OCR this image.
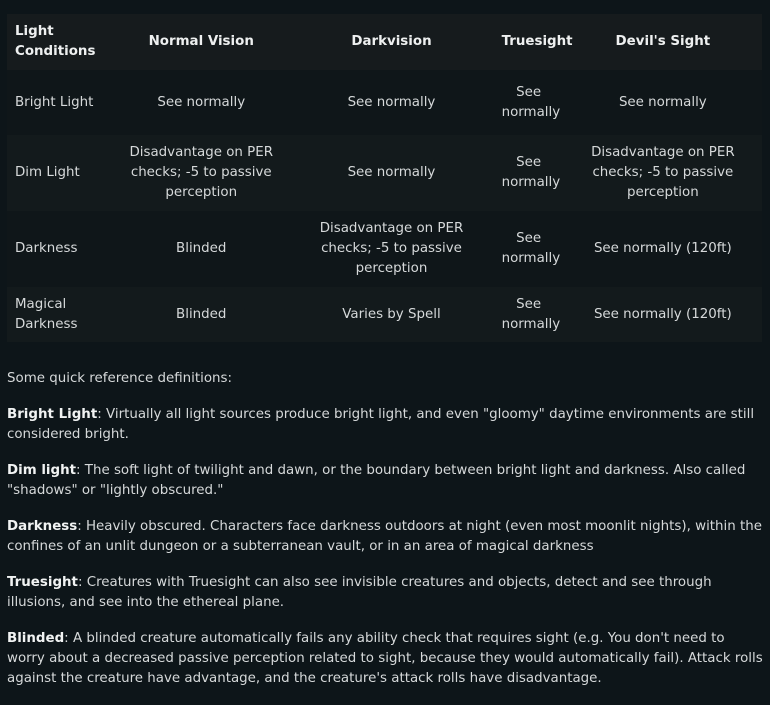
Light Conditions	Normal Vision	Darkvision	Truesight	Devil's Sight
Bright Light	See normally	See normally	See normally	See normally
Dim Light	Disadvantage on PER checks; -5 to passive perception	See normally	See normally	Disadvantage on PER checks; -5 to passive perception
Darkness	Blinded	Disadvantage on PER checks; -5 to passive perception	See normally	See normally (120ft)
Magical Darkness	Blinded	Varies by Spell	See normally	See normally (120ft)

Some quick reference definitions:

Bright Light: Virtually all light sources produce bright light, and even "gloomy" daytime environments are still considered bright.

Dim light: The soft light of twilight and dawn, or the boundary between bright light and darkness. Also called "shadows" or "lightly obscured."

Darkness: Heavily obscured. Characters face darkness outdoors at night (even most moonlit nights), within the confines of an unlit dungeon or a subterranean vault, or in an area of magical darkness

Truesight: Creatures with Truesight can also see invisible creatures and objects, detect and see through illusions, and see into the ethereal plane.

Blinded: A blinded creature automatically fails any ability check that requires sight (e.g. You don't need to worry about a decreased passive perception related to sight, because they would automatically fail). Attack rolls against the creature have advantage, and the creature's attack rolls have disadvantage.
